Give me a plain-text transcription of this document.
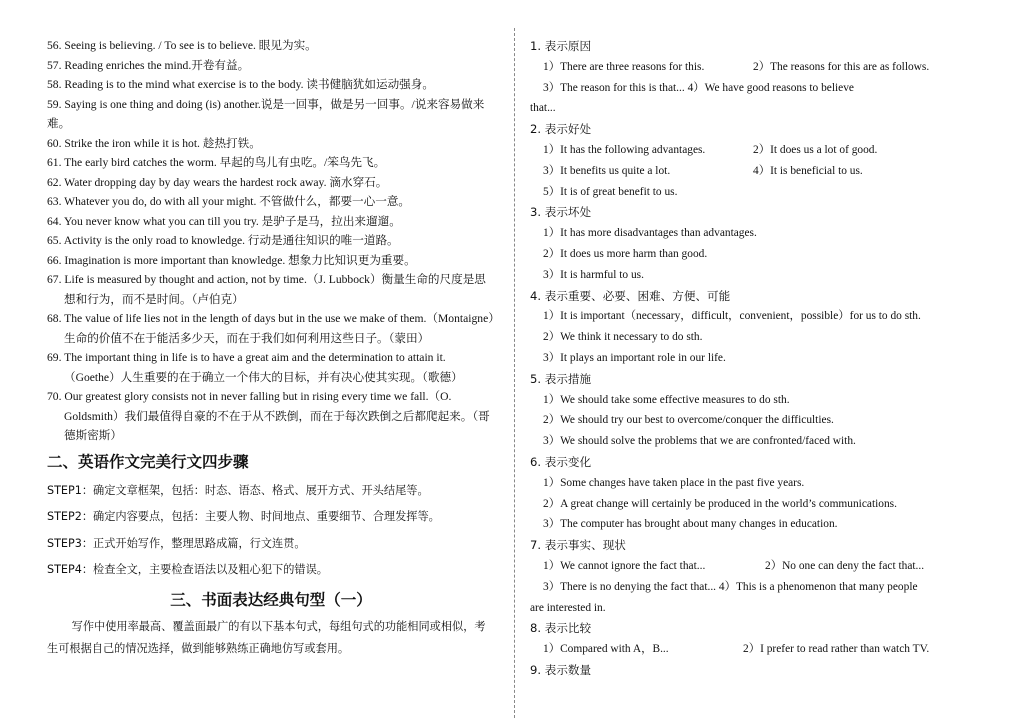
56. Seeing is believing. / To see is to believe. 眼见为实。
57. Reading enriches the mind.开卷有益。
58. Reading is to the mind what exercise is to the body. 读书健脑犹如运动强身。
59. Saying is one thing and doing (is) another.说是一回事，做是另一回事。/说来容易做来难。
60. Strike the iron while it is hot. 趁热打铁。
61. The early bird catches the worm. 早起的鸟儿有虫吃。/笨鸟先飞。
62. Water dropping day by day wears the hardest rock away. 滴水穿石。
63. Whatever you do, do with all your might. 不管做什么，都要一心一意。
64. You never know what you can till you try. 是驴子是马，拉出来遛遛。
65. Activity is the only road to knowledge. 行动是通往知识的唯一道路。
66. Imagination is more important than knowledge. 想象力比知识更为重要。
67. Life is measured by thought and action, not by time.（J. Lubbock）衡量生命的尺度是思想和行为，而不是时间。（卢伯克）
68. The value of life lies not in the length of days but in the use we make of them.（Montaigne）生命的价值不在于能活多少天，而在于我们如何利用这些日子。（蒙田）
69. The important thing in life is to have a great aim and the determination to attain it.（Goethe）人生重要的在于确立一个伟大的目标，并有决心使其实现。（歌德）
70. Our greatest glory consists not in never falling but in rising every time we fall.（O. Goldsmith）我们最值得自豪的不在于从不跌倒，而在于每次跌倒之后都爬起来。（哥德斯密斯）
二、英语作文完美行文四步骤
STEP1：确定文章框架，包括：时态、语态、格式、展开方式、开头结尾等。
STEP2：确定内容要点，包括：主要人物、时间地点、重要细节、合理发挥等。
STEP3：正式开始写作，整理思路成篇，行文连贯。
STEP4：检查全文，主要检查语法以及粗心犯下的错误。
三、书面表达经典句型（一）
写作中使用率最高、覆盖面最广的有以下基本句式，每组句式的功能相同或相似，考生可根据自己的情况选择，做到能够熟练正确地仿写或套用。
1. 表示原因
1）There are three reasons for this.	2）The reasons for this are as follows.
3）The reason for this is that... 4）We have good reasons to believe
that...
2. 表示好处
1）It has the following advantages.	2）It does us a lot of good.
3）It benefits us quite a lot.	4）It is beneficial to us.
5）It is of great benefit to us.
3. 表示坏处
1）It has more disadvantages than advantages.
2）It does us more harm than good.
3）It is harmful to us.
4. 表示重要、必要、困难、方便、可能
1）It is important（necessary，difficult，convenient，possible）for us to do sth.
2）We think it necessary to do sth.
3）It plays an important role in our life.
5. 表示措施
1）We should take some effective measures to do sth.
2）We should try our best to overcome/conquer the difficulties.
3）We should solve the problems that we are confronted/faced with.
6. 表示变化
1）Some changes have taken place in the past five years.
2）A great change will certainly be produced in the world’s communications.
3）The computer has brought about many changes in education.
7. 表示事实、现状
1）We cannot ignore the fact that...	2）No one can deny the fact that...
3）There is no denying the fact that... 4）This is a phenomenon that many people
are interested in.
8. 表示比较
1）Compared with A，B...	2）I prefer to read rather than watch TV.
9. 表示数量
